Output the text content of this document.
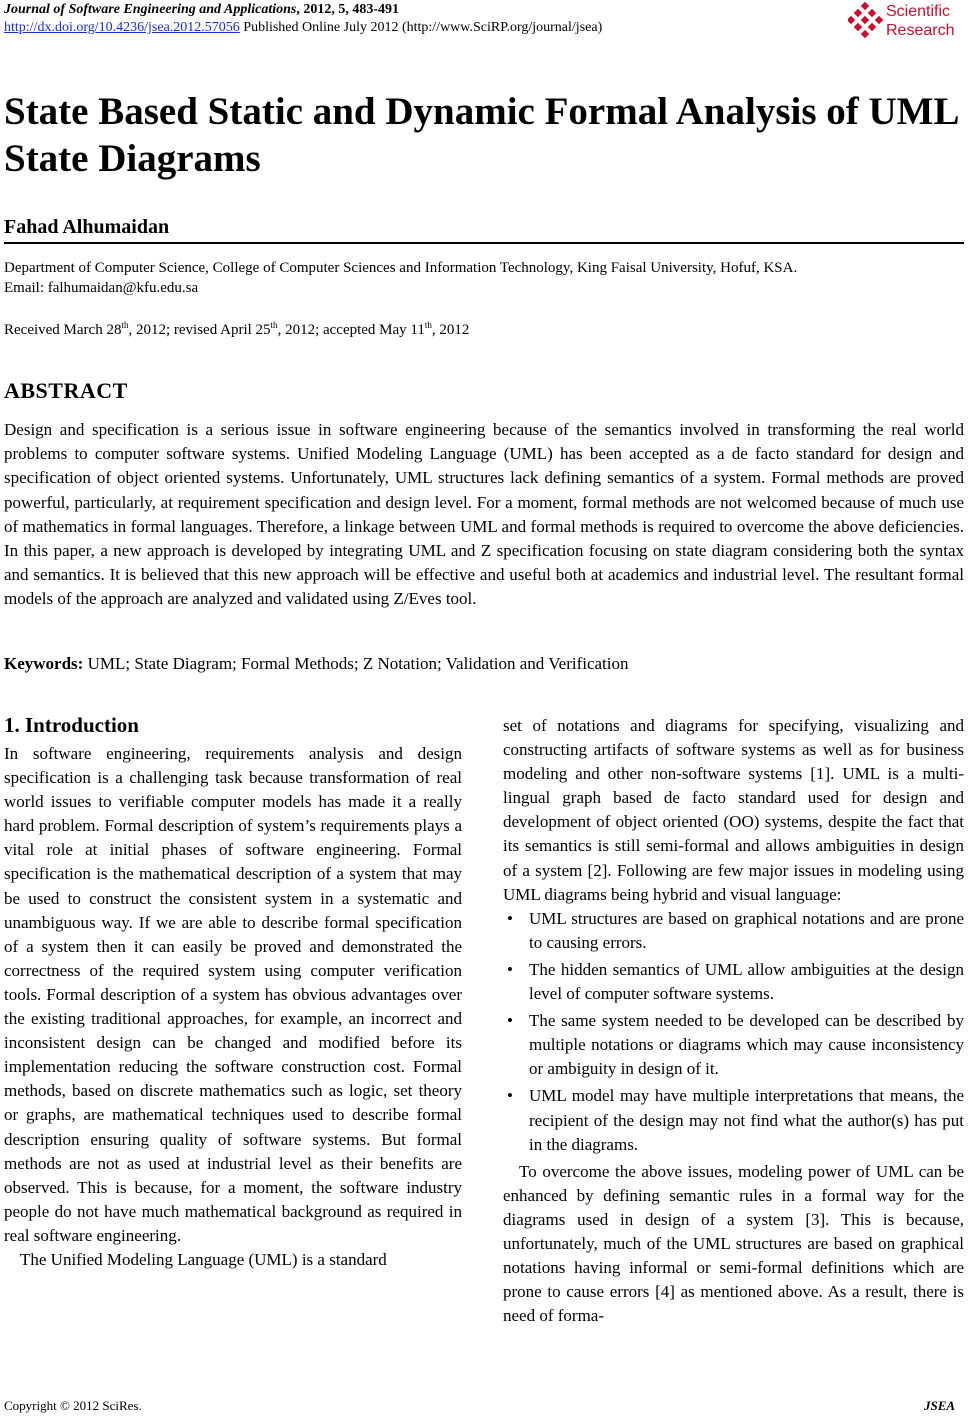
Journal of Software Engineering and Applications, 2012, 5, 483-491
http://dx.doi.org/10.4236/jsea.2012.57056 Published Online July 2012 (http://www.SciRP.org/journal/jsea)
Scientific
Research
State Based Static and Dynamic Formal Analysis of UML State Diagrams
Fahad Alhumaidan
Department of Computer Science, College of Computer Sciences and Information Technology, King Faisal University, Hofuf, KSA.
Email: falhumaidan@kfu.edu.sa
Received March 28th, 2012; revised April 25th, 2012; accepted May 11th, 2012
ABSTRACT

Design and specification is a serious issue in software engineering because of the semantics involved in transforming the real world problems to computer software systems. Unified Modeling Language (UML) has been accepted as a de facto standard for design and specification of object oriented systems. Unfortunately, UML structures lack defining semantics of a system. Formal methods are proved powerful, particularly, at requirement specification and design level. For a moment, formal methods are not welcomed because of much use of mathematics in formal languages. Therefore, a linkage between UML and formal methods is required to overcome the above deficiencies. In this paper, a new approach is developed by integrating UML and Z specification focusing on state diagram considering both the syntax and semantics. It is believed that this new approach will be effective and useful both at academics and industrial level. The resultant formal models of the approach are analyzed and validated using Z/Eves tool.

Keywords: UML; State Diagram; Formal Methods; Z Notation; Validation and Verification
1. Introduction

In software engineering, requirements analysis and design specification is a challenging task because transformation of real world issues to verifiable computer models has made it a really hard problem. Formal description of system’s requirements plays a vital role at initial phases of software engineering. Formal specification is the mathematical description of a system that may be used to construct the consistent system in a systematic and unambiguous way. If we are able to describe formal specification of a system then it can easily be proved and demonstrated the correctness of the required system using computer verification tools. Formal description of a system has obvious advantages over the existing traditional approaches, for example, an incorrect and inconsistent design can be changed and modified before its implementation reducing the software construction cost. Formal methods, based on discrete mathematics such as logic, set theory or graphs, are mathematical techniques used to describe formal description ensuring quality of software systems. But formal methods are not as used at industrial level as their benefits are observed. This is because, for a moment, the software industry people do not have much mathematical background as required in real software engineering.

The Unified Modeling Language (UML) is a standard

set of notations and diagrams for specifying, visualizing and constructing artifacts of software systems as well as for business modeling and other non-software systems [1]. UML is a multi-lingual graph based de facto standard used for design and development of object oriented (OO) systems, despite the fact that its semantics is still semi-formal and allows ambiguities in design of a system [2]. Following are few major issues in modeling using UML diagrams being hybrid and visual language:

• UML structures are based on graphical notations and are prone to causing errors.
• The hidden semantics of UML allow ambiguities at the design level of computer software systems.
• The same system needed to be developed can be described by multiple notations or diagrams which may cause inconsistency or ambiguity in design of it.
• UML model may have multiple interpretations that means, the recipient of the design may not find what the author(s) has put in the diagrams.

To overcome the above issues, modeling power of UML can be enhanced by defining semantic rules in a formal way for the diagrams used in design of a system [3]. This is because, unfortunately, much of the UML structures are based on graphical notations having informal or semi-formal definitions which are prone to cause errors [4] as mentioned above. As a result, there is need of forma-

Copyright © 2012 SciRes.	JSEA
